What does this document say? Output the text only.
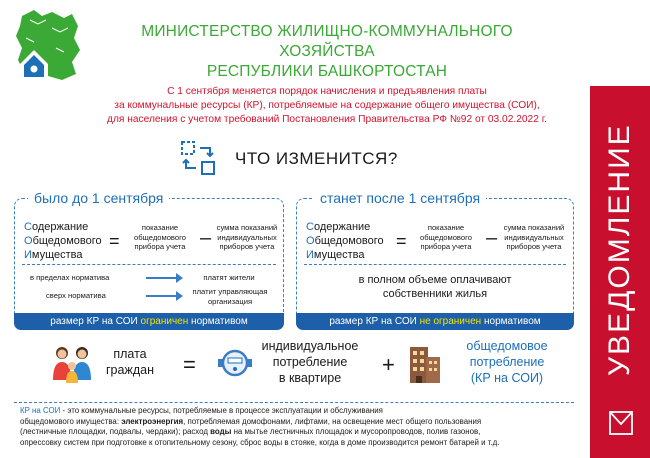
МИНИСТЕРСТВО ЖИЛИЩНО-КОММУНАЛЬНОГО ХОЗЯЙСТВА
РЕСПУБЛИКИ БАШКОРТОСТАН
С 1 сентября меняется порядок начисления и предъявления платы
за коммунальные ресурсы (КР), потребляемые на содержание общего имущества (СОИ),
для населения с учетом требований Постановления Правительства РФ №92 от 03.02.2022 г.
УВЕДОМЛЕНИЕ
ЧТО ИЗМЕНИТСЯ?
было до 1 сентября
Содержание
Общедомового
Имущества
=
показание
общедомового
прибора учета – сумма показаний
индивидуальных
приборов учета
в пределах норматива	платят жители
сверх норматива	платит управляющая
организация
размер КР на СОИ ограничен нормативом
станет после 1 сентября
Содержание
Общедомового
Имущества
=
показание
общедомового
прибора учета – сумма показаний
индивидуальных
приборов учета
в полном объеме оплачивают
собственники жилья
размер КР на СОИ не ограничен нормативом
плата
граждан =
индивидуальное
потребление
в квартире
+
общедомовое
потребление
(КР на СОИ)
КР на СОИ - это коммунальные ресурсы, потребляемые в процессе эксплуатации и обслуживания
общедомового имущества: электроэнергия, потребляемая домофонами, лифтами, на освещение мест общего пользования
(лестничные площадки, подвалы, чердаки); расход воды на мытье лестничных площадок и мусоропроводов, полив газонов,
опрессовку систем при подготовке к отопительному сезону, сброс воды в стояке, когда в доме производится ремонт батарей и т.д.
